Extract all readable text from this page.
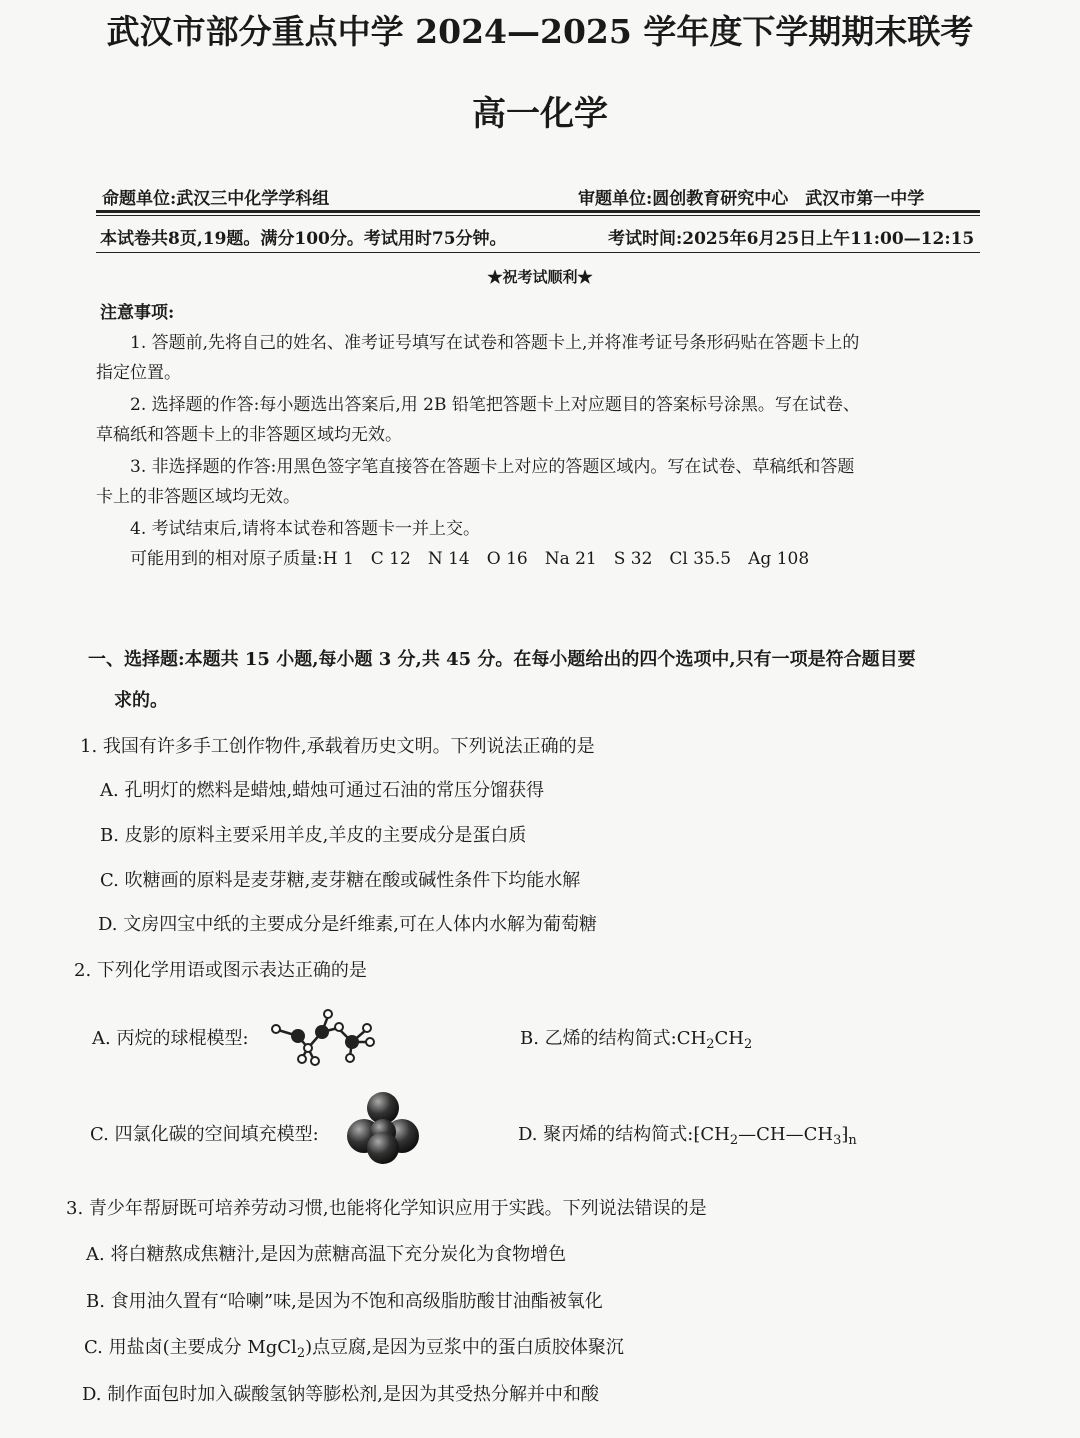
武汉市部分重点中学 2024—2025 学年度下学期期末联考
高一化学
命题单位:武汉三中化学学科组	审题单位:圆创教育研究中心　武汉市第一中学
本试卷共8页,19题。满分100分。考试用时75分钟。	考试时间:2025年6月25日上午11:00—12:15
★祝考试顺利★
注意事项:
1. 答题前,先将自己的姓名、准考证号填写在试卷和答题卡上,并将准考证号条形码贴在答题卡上的
指定位置。
2. 选择题的作答:每小题选出答案后,用 2B 铅笔把答题卡上对应题目的答案标号涂黑。写在试卷、
草稿纸和答题卡上的非答题区域均无效。
3. 非选择题的作答:用黑色签字笔直接答在答题卡上对应的答题区域内。写在试卷、草稿纸和答题
卡上的非答题区域均无效。
4. 考试结束后,请将本试卷和答题卡一并上交。
可能用到的相对原子质量:H 1　C 12　N 14　O 16　Na 21　S 32　Cl 35.5　Ag 108
一、选择题:本题共 15 小题,每小题 3 分,共 45 分。在每小题给出的四个选项中,只有一项是符合题目要
求的。
1. 我国有许多手工创作物件,承载着历史文明。下列说法正确的是
A. 孔明灯的燃料是蜡烛,蜡烛可通过石油的常压分馏获得
B. 皮影的原料主要采用羊皮,羊皮的主要成分是蛋白质
C. 吹糖画的原料是麦芽糖,麦芽糖在酸或碱性条件下均能水解
D. 文房四宝中纸的主要成分是纤维素,可在人体内水解为葡萄糖
2. 下列化学用语或图示表达正确的是
A. 丙烷的球棍模型:	B. 乙烯的结构简式$:CH_2CH_2$
C. 四氯化碳的空间填充模型:	D. 聚丙烯的结构简式$:⁅CH_2—CH—CH_3⁆_n$
3. 青少年帮厨既可培养劳动习惯,也能将化学知识应用于实践。下列说法错误的是
A. 将白糖熬成焦糖汁,是因为蔗糖高温下充分炭化为食物增色
B. 食用油久置有“哈喇”味,是因为不饱和高级脂肪酸甘油酯被氧化
C. 用盐卤(主要成分 MgCl$_2$)点豆腐,是因为豆浆中的蛋白质胶体聚沉
D. 制作面包时加入碳酸氢钠等膨松剂,是因为其受热分解并中和酸
